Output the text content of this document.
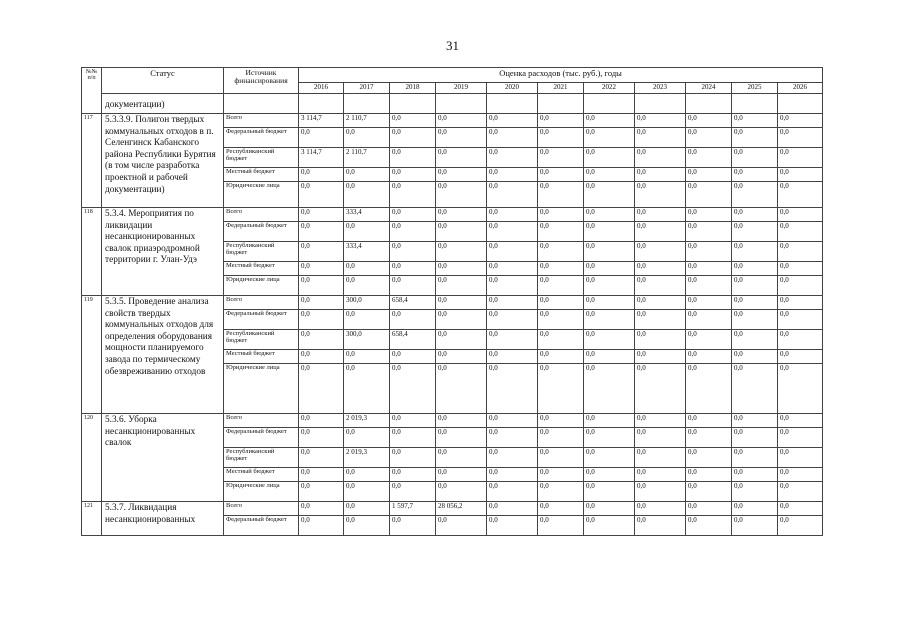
31
№№ п/п	Статус	Источник финансирования	Оценка расходов (тыс. руб.), годы										
			2016	2017	2018	2019	2020	2021	2022	2023	2024	2025	2026
	документации)												
117	5.3.3.9. Полигон твердых коммунальных отходов в п. Селенгинск Кабанского района Республики Бурятия (в том числе разработка проектной и рабочей документации)	Всего	3 114,7	2 110,7	0,0	0,0	0,0	0,0	0,0	0,0	0,0	0,0	0,0
		Федеральный бюджет	0,0	0,0	0,0	0,0	0,0	0,0	0,0	0,0	0,0	0,0	0,0
		Республиканский бюджет	3 114,7	2 110,7	0,0	0,0	0,0	0,0	0,0	0,0	0,0	0,0	0,0
		Местный бюджет	0,0	0,0	0,0	0,0	0,0	0,0	0,0	0,0	0,0	0,0	0,0
		Юридические лица	0,0	0,0	0,0	0,0	0,0	0,0	0,0	0,0	0,0	0,0	0,0
118	5.3.4. Мероприятия по ликвидации несанкционированных свалок приаэродромной территории г. Улан-Удэ	Всего	0,0	333,4	0,0	0,0	0,0	0,0	0,0	0,0	0,0	0,0	0,0
		Федеральный бюджет	0,0	0,0	0,0	0,0	0,0	0,0	0,0	0,0	0,0	0,0	0,0
		Республиканский бюджет	0,0	333,4	0,0	0,0	0,0	0,0	0,0	0,0	0,0	0,0	0,0
		Местный бюджет	0,0	0,0	0,0	0,0	0,0	0,0	0,0	0,0	0,0	0,0	0,0
		Юридические лица	0,0	0,0	0,0	0,0	0,0	0,0	0,0	0,0	0,0	0,0	0,0
119	5.3.5. Проведение анализа свойств твердых коммунальных отходов для определения оборудования мощности планируемого завода по термическому обезвреживанию отходов	Всего	0,0	300,0	658,4	0,0	0,0	0,0	0,0	0,0	0,0	0,0	0,0
		Федеральный бюджет	0,0	0,0	0,0	0,0	0,0	0,0	0,0	0,0	0,0	0,0	0,0
		Республиканский бюджет	0,0	300,0	658,4	0,0	0,0	0,0	0,0	0,0	0,0	0,0	0,0
		Местный бюджет	0,0	0,0	0,0	0,0	0,0	0,0	0,0	0,0	0,0	0,0	0,0
		Юридические лица	0,0	0,0	0,0	0,0	0,0	0,0	0,0	0,0	0,0	0,0	0,0
120	5.3.6. Уборка несанкционированных свалок	Всего	0,0	2 019,3	0,0	0,0	0,0	0,0	0,0	0,0	0,0	0,0	0,0
		Федеральный бюджет	0,0	0,0	0,0	0,0	0,0	0,0	0,0	0,0	0,0	0,0	0,0
		Республиканский бюджет	0,0	2 019,3	0,0	0,0	0,0	0,0	0,0	0,0	0,0	0,0	0,0
		Местный бюджет	0,0	0,0	0,0	0,0	0,0	0,0	0,0	0,0	0,0	0,0	0,0
		Юридические лица	0,0	0,0	0,0	0,0	0,0	0,0	0,0	0,0	0,0	0,0	0,0
121	5.3.7. Ликвидация несанкционированных	Всего	0,0	0,0	1 597,7	28 056,2	0,0	0,0	0,0	0,0	0,0	0,0	0,0
		Федеральный бюджет	0,0	0,0	0,0	0,0	0,0	0,0	0,0	0,0	0,0	0,0	0,0
